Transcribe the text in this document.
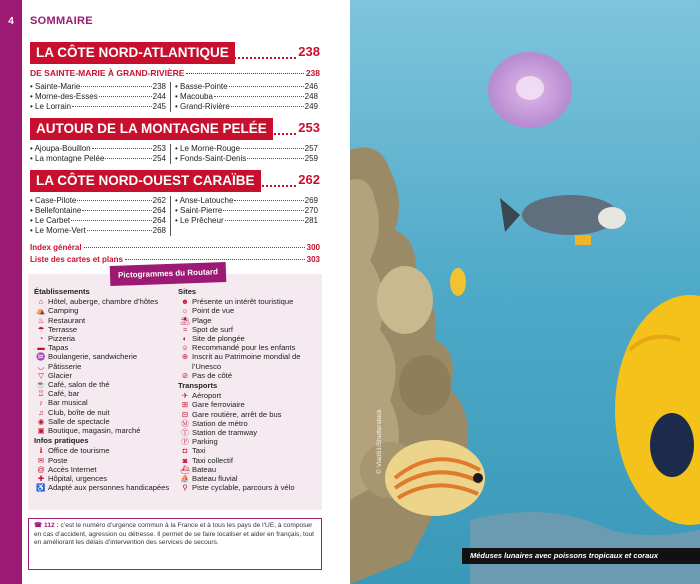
4	SOMMAIRE
LA CÔTE NORD-ATLANTIQUE	238
DE SAINTE-MARIE À GRAND-RIVIÈRE	238
• Sainte-Marie	238
• Morne-des-Esses	244
• Le Lorrain	245
• Basse-Pointe	246
• Macouba	248
• Grand-Rivière	249
AUTOUR DE LA MONTAGNE PELÉE	253
• Ajoupa-Bouillon	253
• La montagne Pelée	254
• Le Morne-Rouge	257
• Fonds-Saint-Denis	259
LA CÔTE NORD-OUEST CARAÏBE	262
• Case-Pilote	262
• Bellefontaine	264
• Le Carbet	264
• Le Morne-Vert	268
• Anse-Latouche	269
• Saint-Pierre	270
• Le Prêcheur	281
Index général	300
Liste des cartes et plans	303
Pictogrammes du Routard
Établissements
⌂ Hôtel, auberge, chambre d’hôtes
⛺ Camping
♨ Restaurant
☂ Terrasse
◔ Pizzeria
▬ Tapas
♒ Boulangerie, sandwicherie
◡ Pâtisserie
▽ Glacier
☕ Café, salon de thé
♖ Café, bar
♪ Bar musical
♫ Club, boîte de nuit
◉ Salle de spectacle
▣ Boutique, magasin, marché
Infos pratiques
ℹ Office de tourisme
✉ Poste
@ Accès Internet
✚ Hôpital, urgences
♿ Adapté aux personnes handicapées
Sites
☻ Présente un intérêt touristique
☼ Point de vue
⛱ Plage
≈ Spot de surf
◐ Site de plongée
☺ Recommandé pour les enfants
⊕ Inscrit au Patrimoine mondial de l’Unesco
⊘ Pas de côté
Transports
✈ Aéroport
⊞ Gare ferroviaire
⊟ Gare routière, arrêt de bus
Ⓜ Station de métro
Ⓣ Station de tramway
Ⓟ Parking
◘ Taxi
◙ Taxi collectif
⛴ Bateau
⛵ Bateau fluvial
⚲ Piste cyclable, parcours à vélo
☎ 112 : c’est le numéro d’urgence commun à la France et à tous les pays de l’UE, à composer en cas d’accident, agression ou détresse. Il permet de se faire localiser et aider en français, tout en améliorant les délais d’intervention des services de secours.
© Vlad61/Shutterstock
Méduses lunaires avec poissons tropicaux et coraux
